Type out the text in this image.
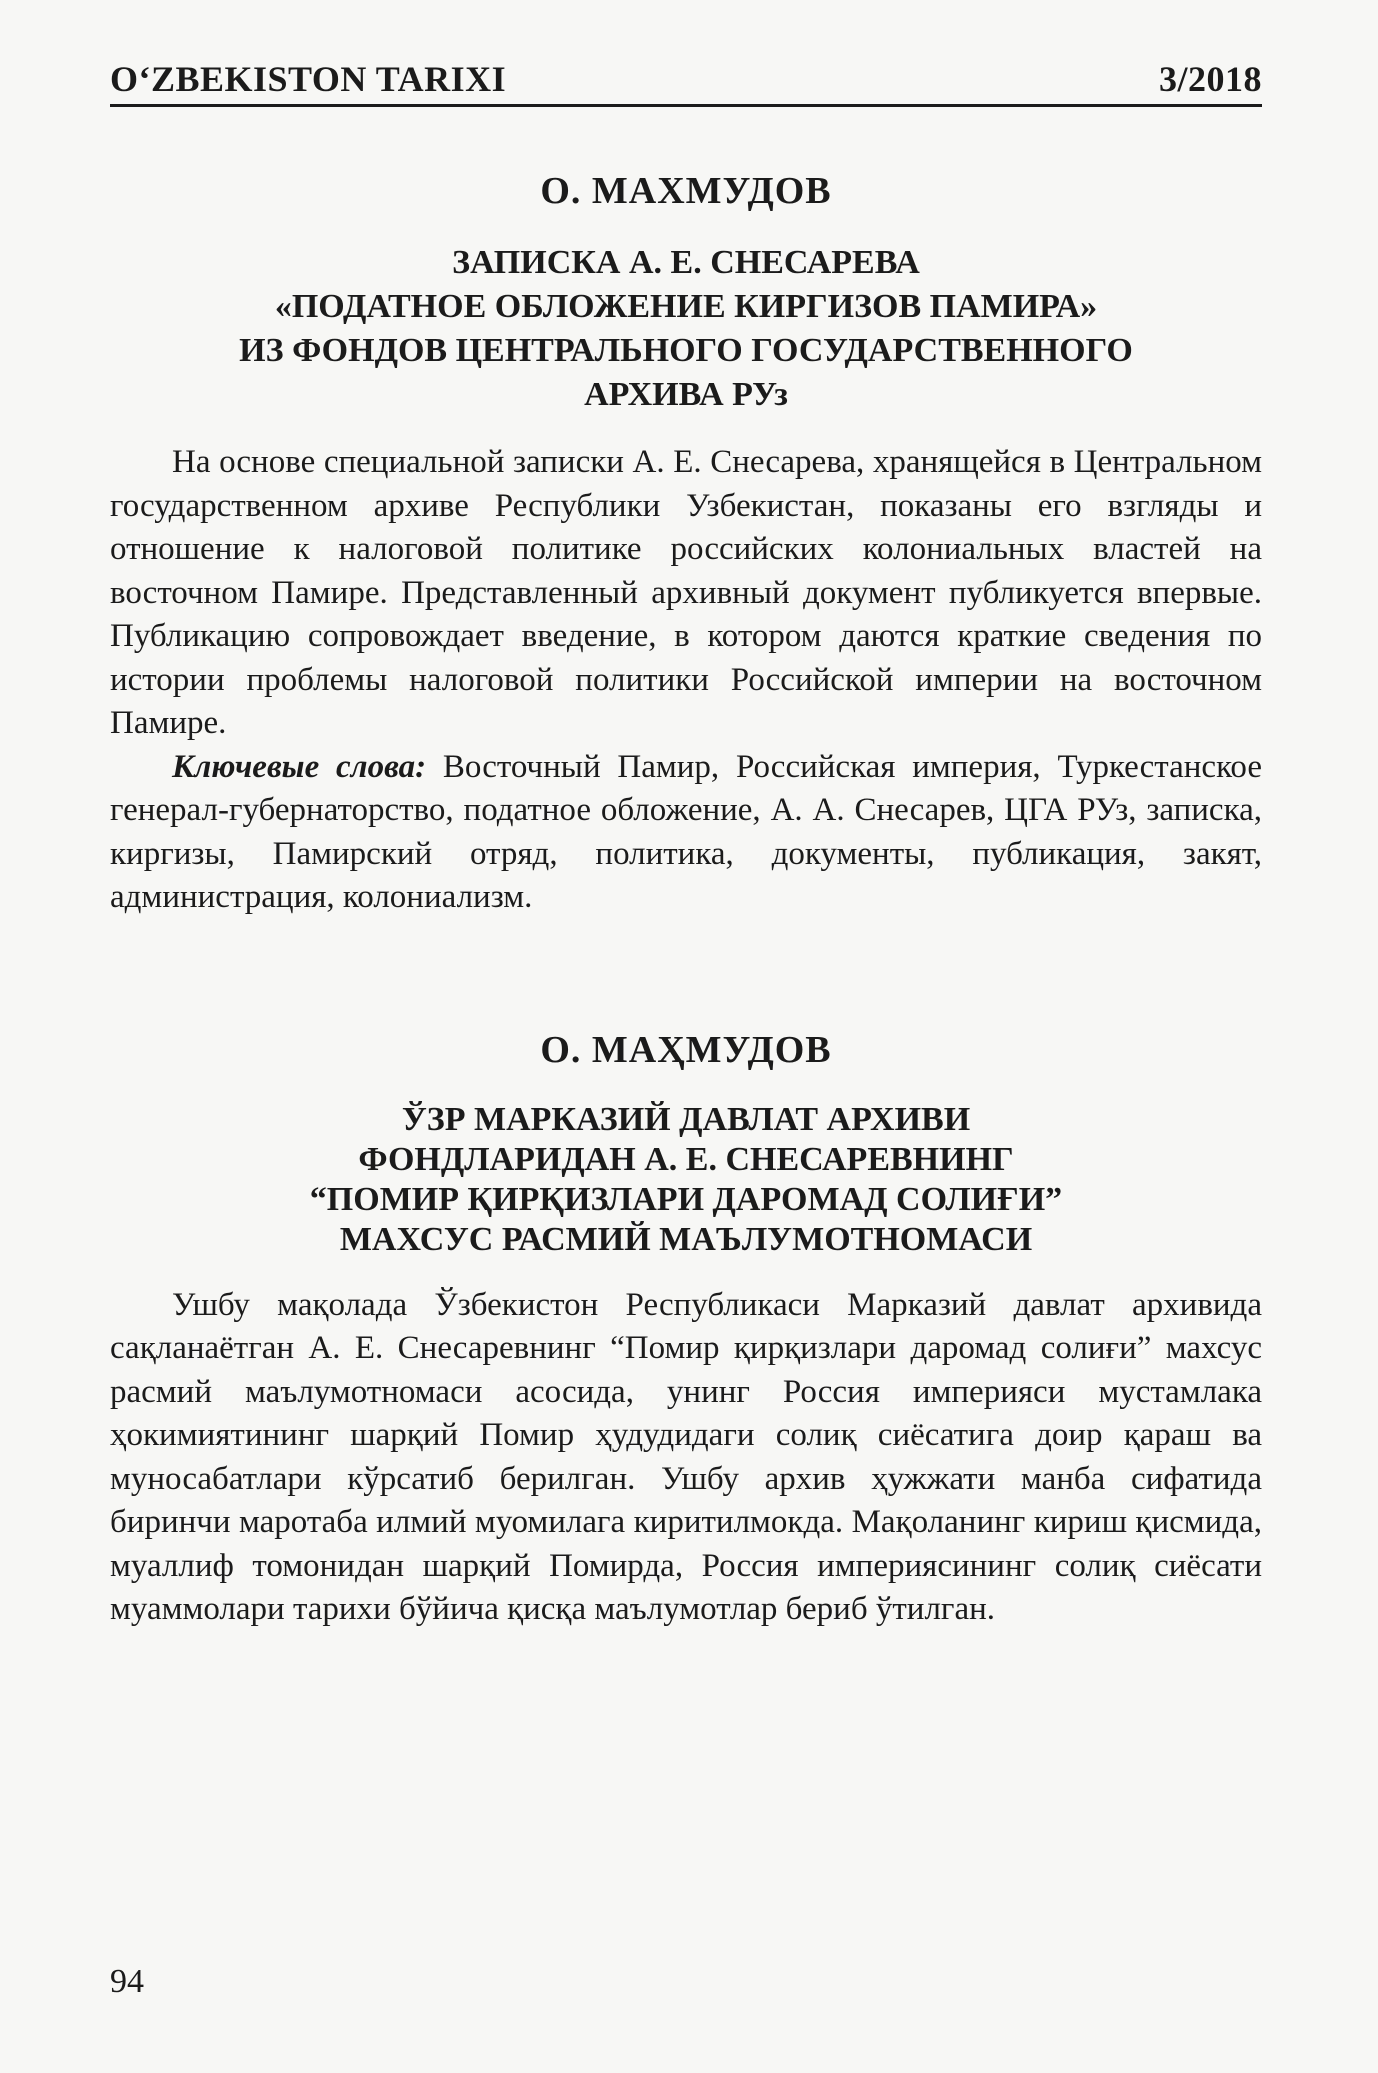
O‘ZBEKISTON TARIXI	3/2018
О. МАХМУДОВ
ЗАПИСКА А. Е. СНЕСАРЕВА
«ПОДАТНОЕ ОБЛОЖЕНИЕ КИРГИЗОВ ПАМИРА»
ИЗ ФОНДОВ ЦЕНТРАЛЬНОГО ГОСУДАРСТВЕННОГО
АРХИВА РУз

На основе специальной записки А. Е. Снесарева, хранящейся в Центральном государственном архиве Республики Узбекистан, показаны его взгляды и отношение к налоговой политике российских колониальных властей на восточном Памире. Представленный архивный документ публикуется впервые. Публикацию сопровождает введение, в котором даются краткие сведения по истории проблемы налоговой политики Российской империи на восточном Памире.

Ключевые слова: Восточный Памир, Российская империя, Туркестанское генерал-губернаторство, податное обложение, А. А. Снесарев, ЦГА РУз, записка, киргизы, Памирский отряд, политика, документы, публикация, закят, администрация, колониализм.

О. МАҲМУДОВ
ЎЗР МАРКАЗИЙ ДАВЛАТ АРХИВИ
ФОНДЛАРИДАН А. Е. СНЕСАРЕВНИНГ
“ПОМИР ҚИРҚИЗЛАРИ ДАРОМАД СОЛИҒИ”
МАХСУС РАСМИЙ МАЪЛУМОТНОМАСИ

Ушбу мақолада Ўзбекистон Республикаси Марказий давлат архивида сақланаётган А. Е. Снесаревнинг “Помир қирқизлари даромад солиғи” махсус расмий маълумотномаси асосида, унинг Россия империяси мустамлака ҳокимиятининг шарқий Помир ҳудудидаги солиқ сиёсатига доир қараш ва муносабатлари кўрсатиб берилган. Ушбу архив ҳужжати манба сифатида биринчи маротаба илмий муомилага киритилмокда. Мақоланинг кириш қисмида, муаллиф томонидан шарқий Помирда, Россия империясининг солиқ сиёсати муаммолари тарихи бўйича қисқа маълумотлар бериб ўтилган.

94
